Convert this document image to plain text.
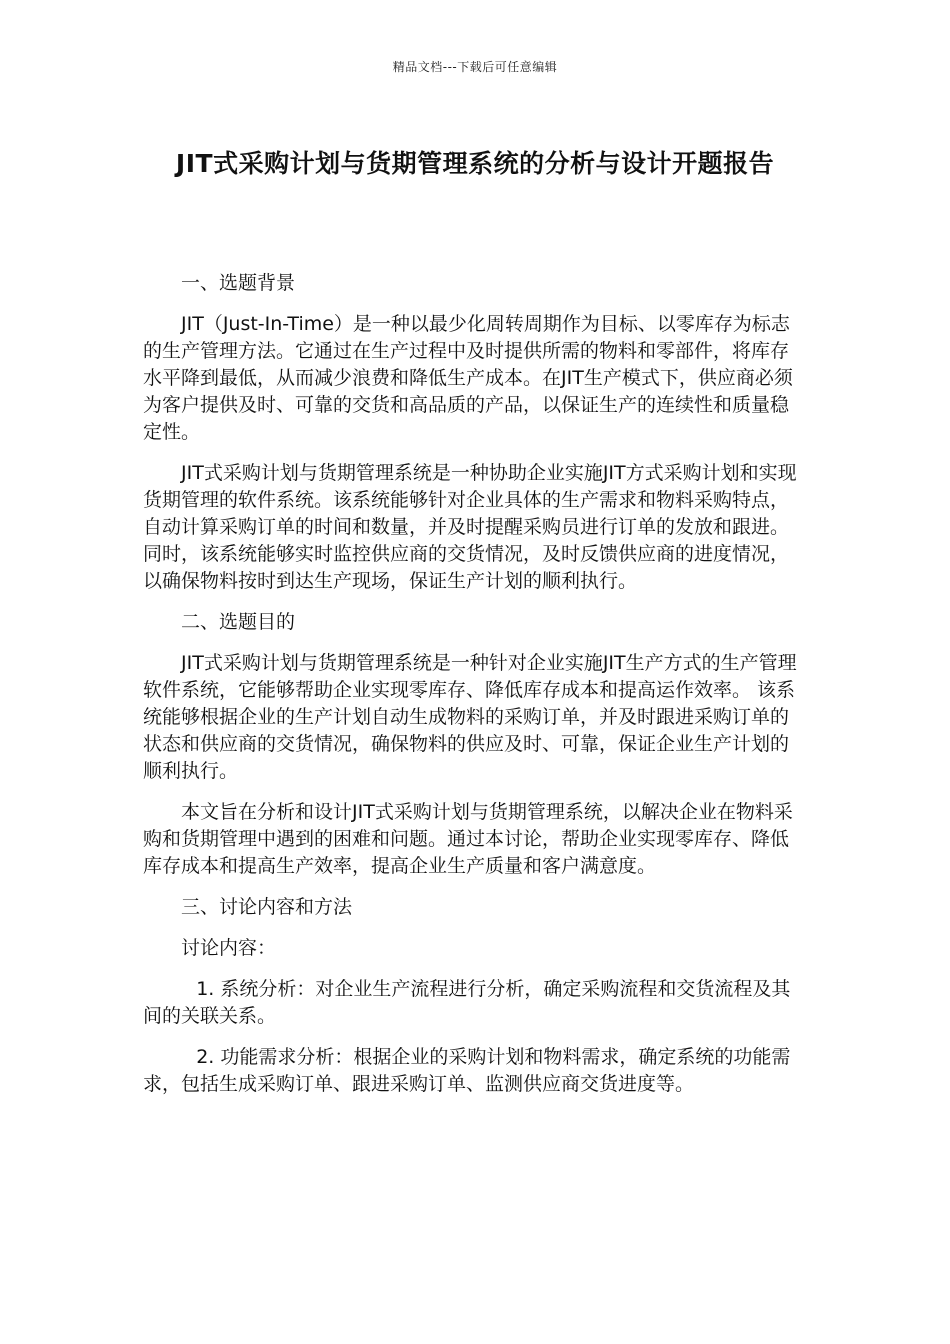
精品文档---下载后可任意编辑
JIT式采购计划与货期管理系统的分析与设计开题报告

一、选题背景

JIT（Just-In-Time）是一种以最少化周转周期作为目标、以零库存为标志的生产管理方法。它通过在生产过程中及时提供所需的物料和零部件，将库存水平降到最低，从而减少浪费和降低生产成本。在JIT生产模式下，供应商必须为客户提供及时、可靠的交货和高品质的产品，以保证生产的连续性和质量稳定性。

JIT式采购计划与货期管理系统是一种协助企业实施JIT方式采购计划和实现货期管理的软件系统。该系统能够针对企业具体的生产需求和物料采购特点，自动计算采购订单的时间和数量，并及时提醒采购员进行订单的发放和跟进。同时，该系统能够实时监控供应商的交货情况，及时反馈供应商的进度情况，以确保物料按时到达生产现场，保证生产计划的顺利执行。

二、选题目的

JIT式采购计划与货期管理系统是一种针对企业实施JIT生产方式的生产管理软件系统，它能够帮助企业实现零库存、降低库存成本和提高运作效率。 该系统能够根据企业的生产计划自动生成物料的采购订单，并及时跟进采购订单的状态和供应商的交货情况，确保物料的供应及时、可靠，保证企业生产计划的顺利执行。

本文旨在分析和设计JIT式采购计划与货期管理系统，以解决企业在物料采购和货期管理中遇到的困难和问题。通过本讨论，帮助企业实现零库存、降低库存成本和提高生产效率，提高企业生产质量和客户满意度。

三、讨论内容和方法

讨论内容：

1. 系统分析：对企业生产流程进行分析，确定采购流程和交货流程及其间的关联关系。

2. 功能需求分析：根据企业的采购计划和物料需求，确定系统的功能需求，包括生成采购订单、跟进采购订单、监测供应商交货进度等。
